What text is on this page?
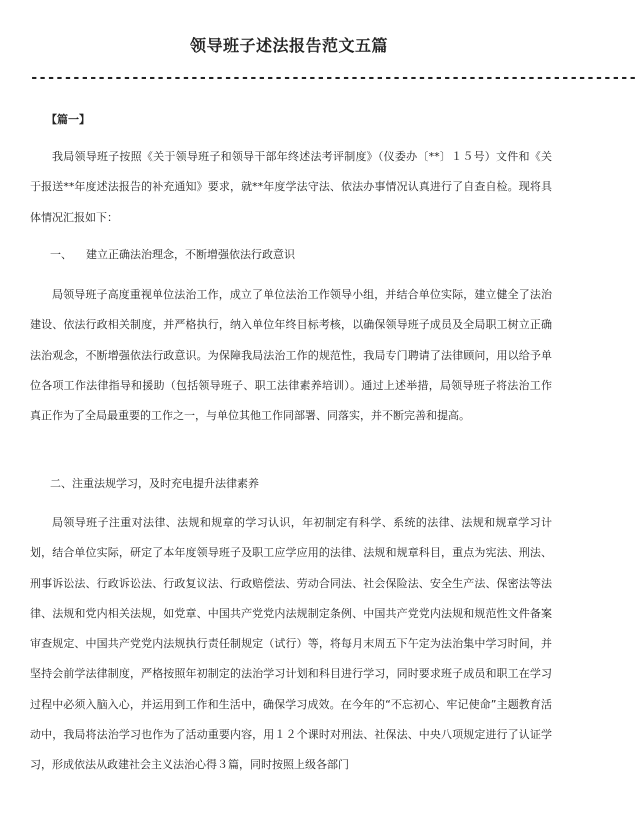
领导班子述法报告范文五篇
------------------------------------------------------------------------
【篇一】
我局领导班子按照《关于领导班子和领导干部年终述法考评制度》（仪委办〔**〕１５号）文件和《关于报送**年度述法报告的补充通知》要求，就**年度学法守法、依法办事情况认真进行了自查自检。现将具体情况汇报如下：
一、 建立正确法治理念，不断增强依法行政意识
局领导班子高度重视单位法治工作，成立了单位法治工作领导小组，并结合单位实际，建立健全了法治建设、依法行政相关制度，并严格执行，纳入单位年终目标考核，以确保领导班子成员及全局职工树立正确法治观念，不断增强依法行政意识。为保障我局法治工作的规范性，我局专门聘请了法律顾问，用以给予单位各项工作法律指导和援助（包括领导班子、职工法律素养培训）。通过上述举措，局领导班子将法治工作真正作为了全局最重要的工作之一，与单位其他工作同部署、同落实，并不断完善和提高。
二、注重法规学习，及时充电提升法律素养
局领导班子注重对法律、法规和规章的学习认识，年初制定有科学、系统的法律、法规和规章学习计划，结合单位实际，研定了本年度领导班子及职工应学应用的法律、法规和规章科目，重点为宪法、刑法、刑事诉讼法、行政诉讼法、行政复议法、行政赔偿法、劳动合同法、社会保险法、安全生产法、保密法等法律、法规和党内相关法规，如党章、中国共产党党内法规制定条例、中国共产党党内法规和规范性文件备案审查规定、中国共产党党内法规执行责任制规定（试行）等，将每月末周五下午定为法治集中学习时间，并坚持会前学法律制度，严格按照年初制定的法治学习计划和科目进行学习，同时要求班子成员和职工在学习过程中必须入脑入心，并运用到工作和生活中，确保学习成效。在今年的“不忘初心、牢记使命”主题教育活动中，我局将法治学习也作为了活动重要内容，用１２个课时对刑法、社保法、中央八项规定进行了认证学习，形成依法从政建社会主义法治心得３篇，同时按照上级各部门
